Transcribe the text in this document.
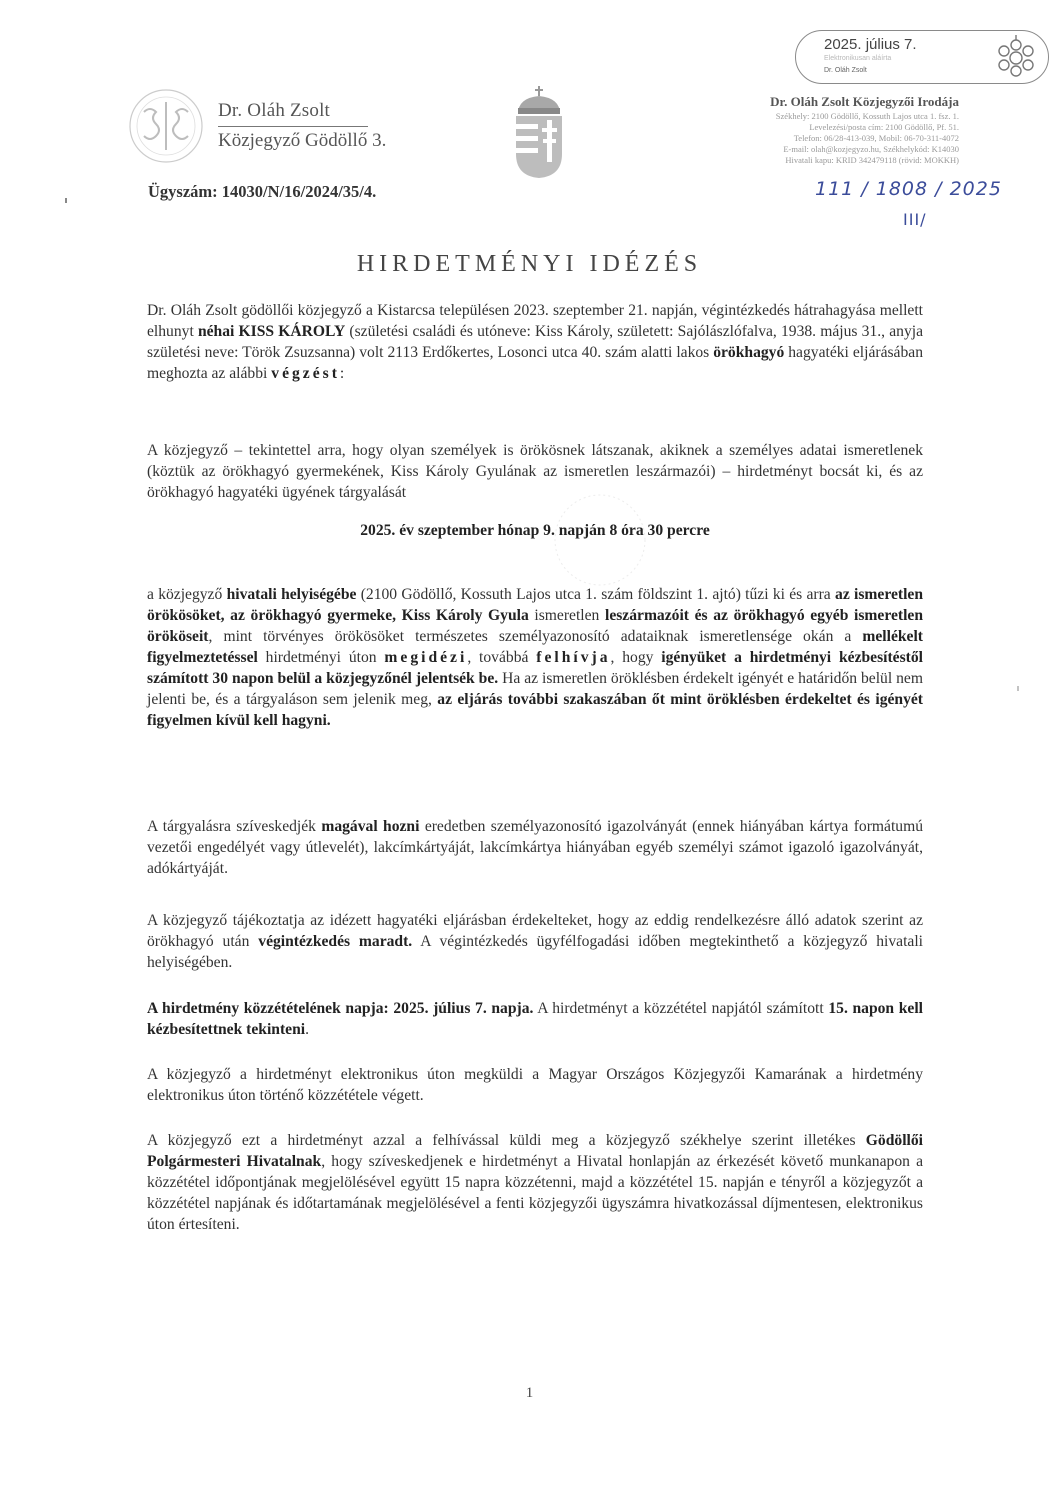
Dr. Oláh Zsolt
Közjegyző Gödöllő 3.
2025. július 7.
Elektronikusan aláírta
Dr. Oláh Zsolt
Dr. Oláh Zsolt Közjegyzői Irodája
Székhely: 2100 Gödöllő, Kossuth Lajos utca 1. fsz. 1.
Levelezési/posta cím: 2100 Gödöllő, Pf. 51.
Telefon: 06/28-413-039, Mobil: 06-70-311-4072
E-mail: olah@kozjegyzo.hu, Székhelykód: K14030
Hivatali kapu: KRID 342479118 (rövid: MOKKH)
111 / 1808 / 2025
III/
Ügyszám: 14030/N/16/2024/35/4.
HIRDETMÉNYI IDÉZÉS
Dr. Oláh Zsolt gödöllői közjegyző a Kistarcsa településen 2023. szeptember 21. napján, végintézkedés hátrahagyása mellett elhunyt néhai KISS KÁROLY (születési családi és utóneve: Kiss Károly, született: Sajólászlófalva, 1938. május 31., anyja születési neve: Török Zsuzsanna) volt 2113 Erdőkertes, Losonci utca 40. szám alatti lakos örökhagyó hagyatéki eljárásában meghozta az alábbi végzést:
A közjegyző – tekintettel arra, hogy olyan személyek is örökösnek látszanak, akiknek a személyes adatai ismeretlenek (köztük az örökhagyó gyermekének, Kiss Károly Gyulának az ismeretlen leszármazói) – hirdetményt bocsát ki, és az örökhagyó hagyatéki ügyének tárgyalását
2025. év szeptember hónap 9. napján 8 óra 30 percre
a közjegyző hivatali helyiségébe (2100 Gödöllő, Kossuth Lajos utca 1. szám földszint 1. ajtó) tűzi ki és arra az ismeretlen örökösöket, az örökhagyó gyermeke, Kiss Károly Gyula ismeretlen leszármazóit és az örökhagyó egyéb ismeretlen örököseit, mint törvényes örökösöket természetes személyazonosító adataiknak ismeretlensége okán a mellékelt figyelmeztetéssel hirdetményi úton megidézi, továbbá felhívja, hogy igényüket a hirdetményi kézbesítéstől számított 30 napon belül a közjegyzőnél jelentsék be. Ha az ismeretlen öröklésben érdekelt igényét e határidőn belül nem jelenti be, és a tárgyaláson sem jelenik meg, az eljárás további szakaszában őt mint öröklésben érdekeltet és igényét figyelmen kívül kell hagyni.
A tárgyalásra szíveskedjék magával hozni eredetben személyazonosító igazolványát (ennek hiányában kártya formátumú vezetői engedélyét vagy útlevelét), lakcímkártyáját, lakcímkártya hiányában egyéb személyi számot igazoló igazolványát, adókártyáját.
A közjegyző tájékoztatja az idézett hagyatéki eljárásban érdekelteket, hogy az eddig rendelkezésre álló adatok szerint az örökhagyó után végintézkedés maradt. A végintézkedés ügyfélfogadási időben megtekinthető a közjegyző hivatali helyiségében.
A hirdetmény közzétételének napja: 2025. július 7. napja. A hirdetményt a közzététel napjától számított 15. napon kell kézbesítettnek tekinteni.
A közjegyző a hirdetményt elektronikus úton megküldi a Magyar Országos Közjegyzői Kamarának a hirdetmény elektronikus úton történő közzététele végett.
A közjegyző ezt a hirdetményt azzal a felhívással küldi meg a közjegyző székhelye szerint illetékes Gödöllői Polgármesteri Hivatalnak, hogy szíveskedjenek e hirdetményt a Hivatal honlapján az érkezését követő munkanapon a közzététel időpontjának megjelölésével együtt 15 napra közzétenni, majd a közzététel 15. napján e tényről a közjegyzőt a közzététel napjának és időtartamának megjelölésével a fenti közjegyzői ügyszámra hivatkozással díjmentesen, elektronikus úton értesíteni.
1
